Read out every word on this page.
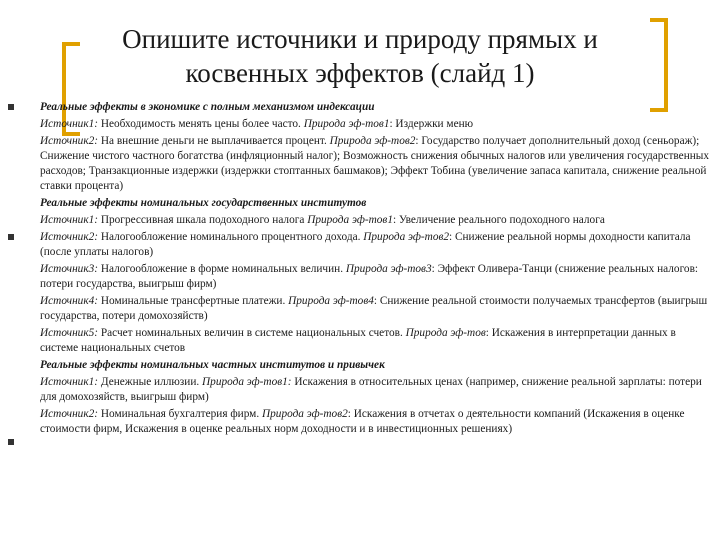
Опишите источники и природу прямых и
косвенных эффектов (слайд 1)

Реальные эффекты в экономике с полным механизмом индексации

Источник1: Необходимость менять цены более часто. Природа эф-тов1: Издержки меню

Источник2: На внешние деньги не выплачивается процент. Природа эф-тов2: Государство получает дополнительный доход (сеньораж); Снижение чистого частного богатства (инфляционный налог); Возможность снижения обычных налогов или увеличения государственных расходов; Транзакционные издержки (издержки стоптанных башмаков); Эффект Тобина (увеличение запаса капитала, снижение реальной ставки процента)

Реальные эффекты номинальных государственных институтов

Источник1: Прогрессивная шкала подоходного налога Природа эф-тов1: Увеличение реального подоходного налога

Источник2: Налогообложение номинального процентного дохода. Природа эф-тов2: Снижение реальной нормы доходности капитала (после уплаты налогов)

Источник3: Налогообложение в форме номинальных величин. Природа эф-тов3: Эффект Оливера-Танци (снижение реальных налогов: потери государства, выигрыш фирм)

Источник4: Номинальные трансфертные платежи. Природа эф-тов4: Снижение реальной стоимости получаемых трансфертов (выигрыш государства, потери домохозяйств)

Источник5: Расчет номинальных величин в системе национальных счетов. Природа эф-тов: Искажения в интерпретации данных в системе национальных счетов

Реальные эффекты номинальных частных институтов и привычек

Источник1: Денежные иллюзии. Природа эф-тов1: Искажения в относительных ценах (например, снижение реальной зарплаты: потери для домохозяйств, выигрыш фирм)

Источник2: Номинальная бухгалтерия фирм. Природа эф-тов2: Искажения в отчетах о деятельности компаний (Искажения в оценке стоимости фирм, Искажения в оценке реальных норм доходности и в инвестиционных решениях)
